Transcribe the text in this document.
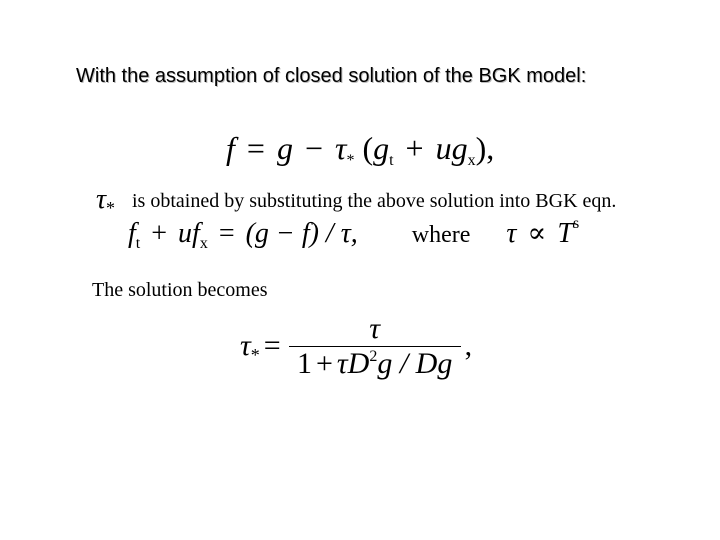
With the assumption of closed solution of the BGK model:
$f = g - \tau_*$ $(g_t + ug_x)$,
$\tau_*$ is obtained by substituting the above solution into BGK eqn.
$f_t + uf_x = (g - f) / \tau$, where $\tau \propto T^s$
The solution becomes
$\tau_* = \frac{\tau}{1 + \tau D^2g / Dg}$ ,
